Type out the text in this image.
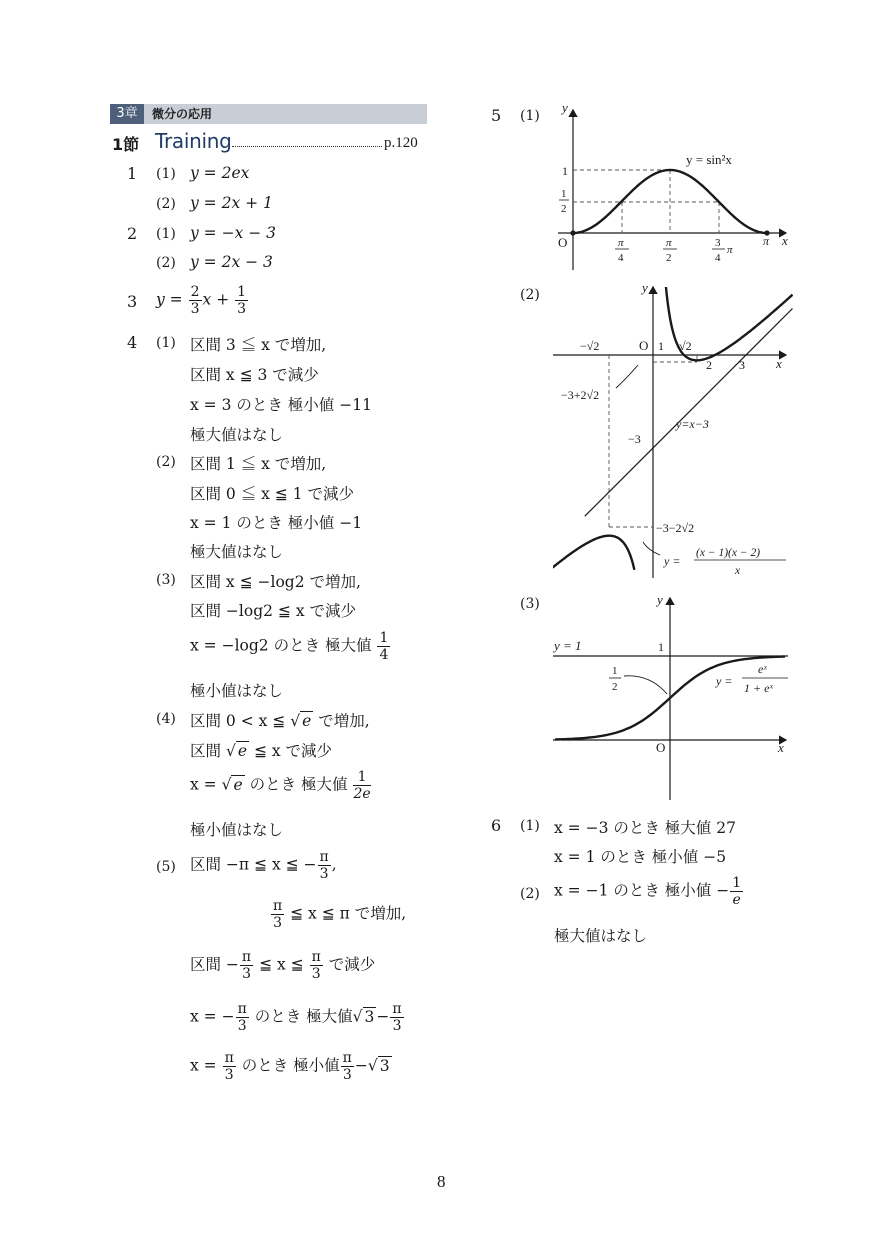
3章	微分の応用
1節 Training	p.120
1 (1) y = 2ex
(2) y = 2x + 1
2 (1) y = −x − 3
(2) y = 2x − 3
3 $y = \frac{2}{3}$ $x + \frac{1}{3}$
4 (1) 区間 3 ≦ x で増加,
区間 x ≦ 3 で減少
x = 3 のとき 極小値 −11
極大値はなし
(2) 区間 1 ≦ x で増加,
区間 0 ≦ x ≦ 1 で減少
x = 1 のとき 極小値 −1
極大値はなし
(3) 区間 x ≦ −log2 で増加,
区間 −log2 ≦ x で減少
x = −log2 のとき 極大値 $\frac{1}{4}$
極小値はなし
(4) 区間 0 < x ≦ √ e で増加,
区間 √ e ≦ x で減少
x = √ e のとき 極大値 $\frac{1}{2e}$
極小値はなし
(5) 区間 −π ≦ x ≦ − $\frac{\pi}{3}$ ,
$\frac{\pi}{3}$ ≦ x ≦ π で増加,
区間 − $\frac{\pi}{3}$ ≦ x ≦ $\frac{\pi}{3}$ で減少
x = − $\frac{\pi}{3}$ のとき 極大値√ $3 - \frac{\pi}{3}$
$x = \frac{\pi}{3}$ のとき 極小値 $\frac{\pi}{3}$ −√ 3
5 (1)
(2)
(3)
y
x
O
1
1
2
π
4
π
2
3
4
π
π
y = sin²x
y
x
O
−√2	1 √2
2 3
−3+2√2
−3
y=x−3
−3−2√2
y =
(x − 1)(x − 2)
x
y
x
O
y = 1	1
1
2	y =
eˣ
1 + eˣ
6 (1) x = −3 のとき 極大値 27
x = 1 のとき 極小値 −5
(2) x = −1 のとき 極小値 − $\frac{1}{e}$
極大値はなし
8
